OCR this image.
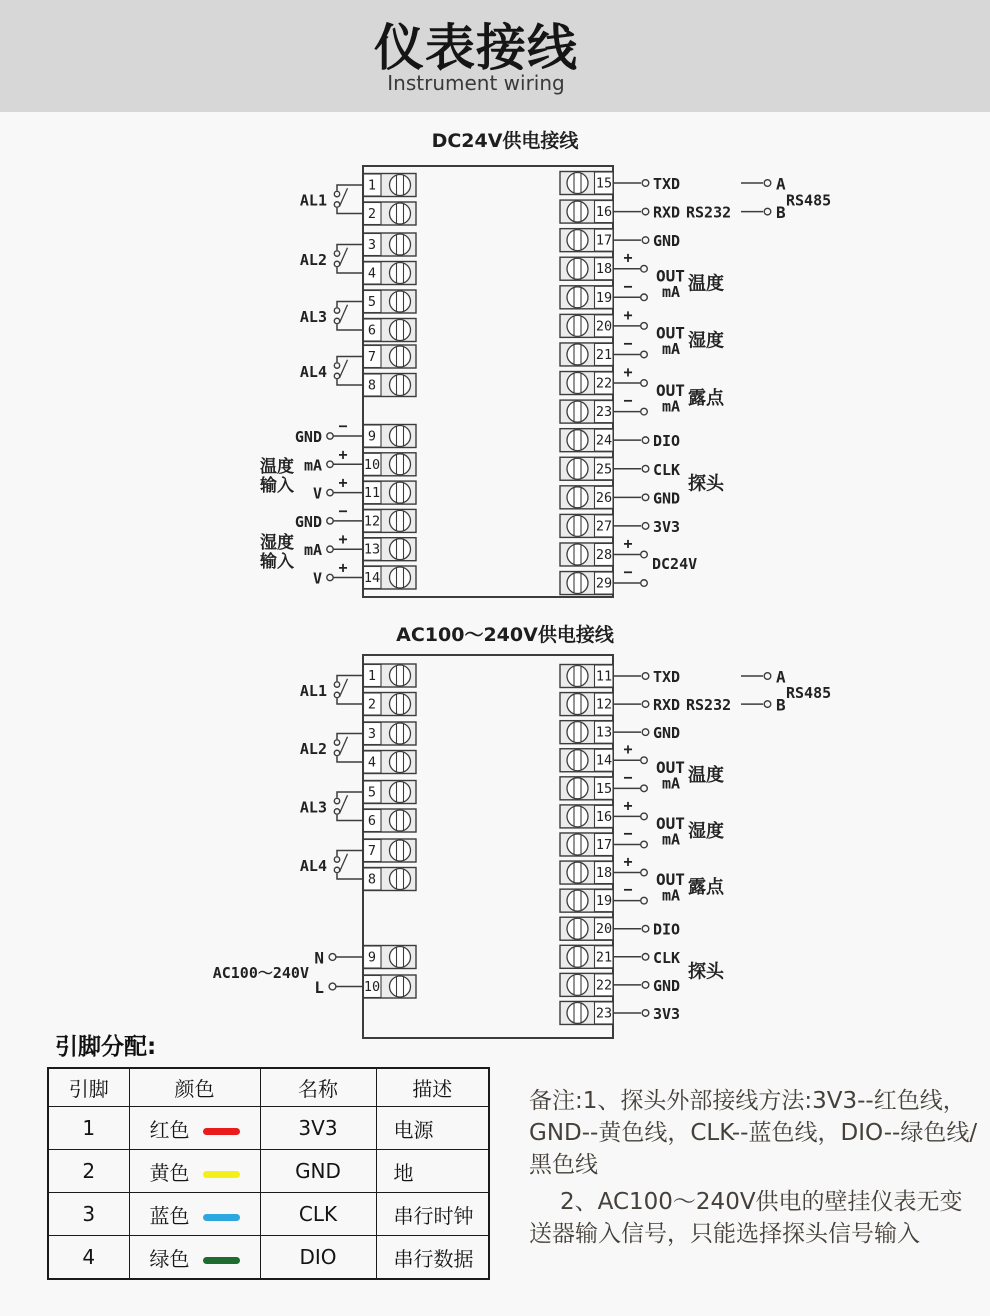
仪表接线
Instrument wiring
DC24V供电接线
AC100～240V供电接线
AL1
1
2
AL2
3
4
AL3
5
6
AL4
7
8
−
GND	9
+
mA	10
+
V	11
温度
输入
−
GND	12
+
mA	13
+
V	14
湿度
输入
TXD
15
RXD RS232
16
GND
17
+
18
−
19
+
20
−
21
+
22
−
23
DIO
24
CLK
25
GND
26
3V3
27
+
28
−
29
OUT
mA 温度
OUT
mA 湿度
OUT
mA 露点
探头
DC24V
A
B
RS485
AL1
1
2
AL2
3
4
AL3
5
6
AL4
7
8
N	9
L	10
AC100～240V
TXD
11
RXD RS232
12
GND
13
+
14
−
15
+
16
−
17
+
18
−
19
DIO
20
CLK
21
GND
22
3V3
23
OUT
mA 温度
OUT
mA 湿度
OUT
mA 露点
探头
A
B
RS485
引脚分配:
引脚	颜色	名称	描述
1	红色	3V3	电源
2	黄色	GND	地
3	蓝色	CLK	串行时钟
4	绿色	DIO	串行数据
备注:1、探头外部接线方法:3V3--红色线，
GND--黄色线，CLK--蓝色线，DIO--绿色线/
黑色线
2、AC100～240V供电的壁挂仪表无变
送器输入信号，只能选择探头信号输入
